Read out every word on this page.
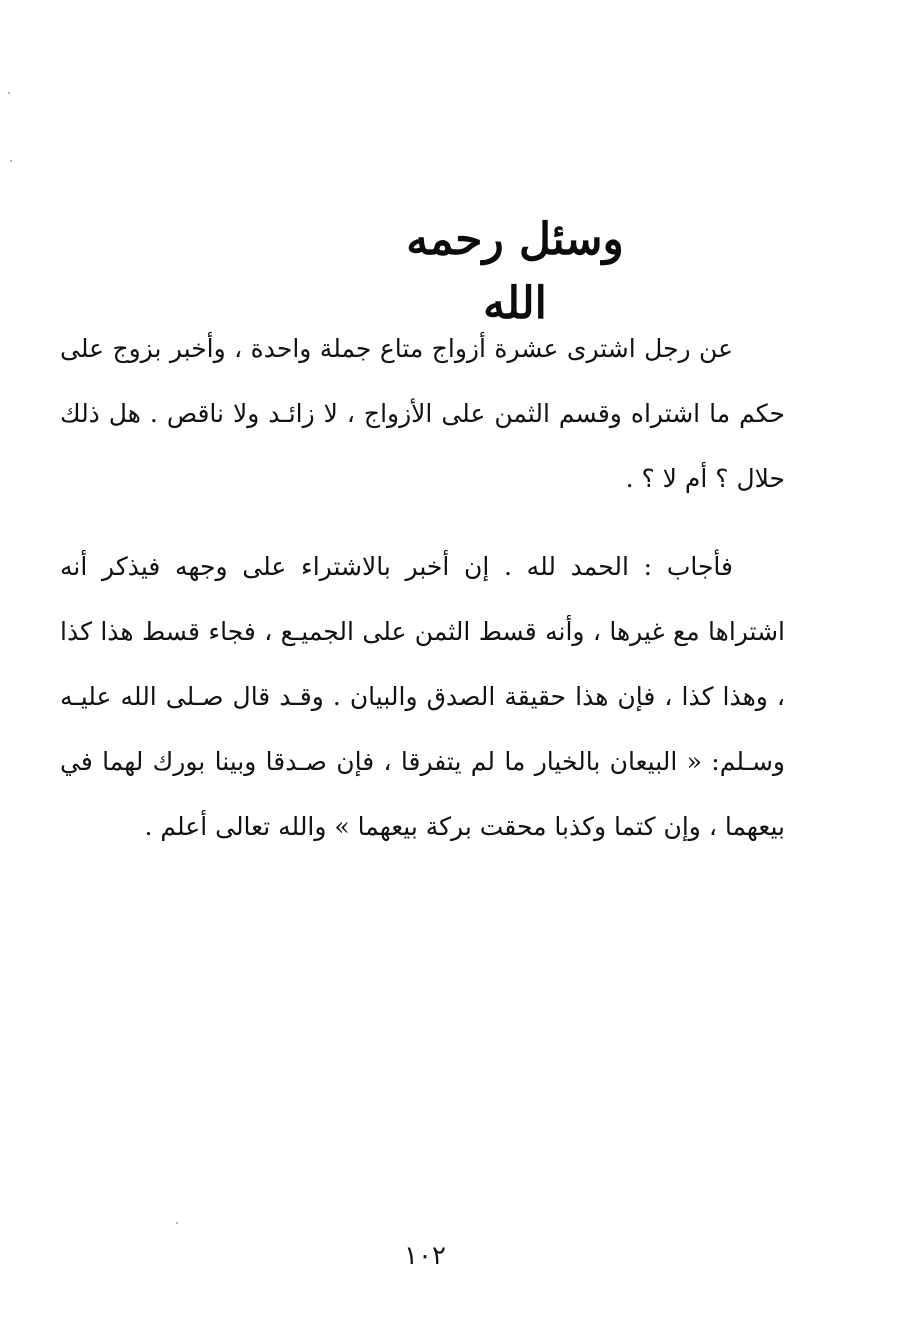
وسئل رحمه الله

عن رجل اشترى عشرة أزواج متاع جملة واحدة ، وأخبر بزوج على حكم ما اشتراه وقسم الثمن على الأزواج ، لا زائـد ولا ناقص . هل ذلك حلال ؟ أم لا ؟ .

فأجاب : الحمد لله . إن أخبر بالاشتراء على وجهه فيذكر أنه اشتراها مع غيرها ، وأنه قسط الثمن على الجميـع ، فجاء قسط هذا كذا ، وهذا كذا ، فإن هذا حقيقة الصدق والبيان . وقـد قال صـلى الله عليـه وسـلم: « البيعان بالخيار ما لم يتفرقا ، فإن صـدقا وبينا بورك لهما في بيعهما ، وإن كتما وكذبا محقت بركة بيعهما » والله تعالى أعلم .

١٠٢
